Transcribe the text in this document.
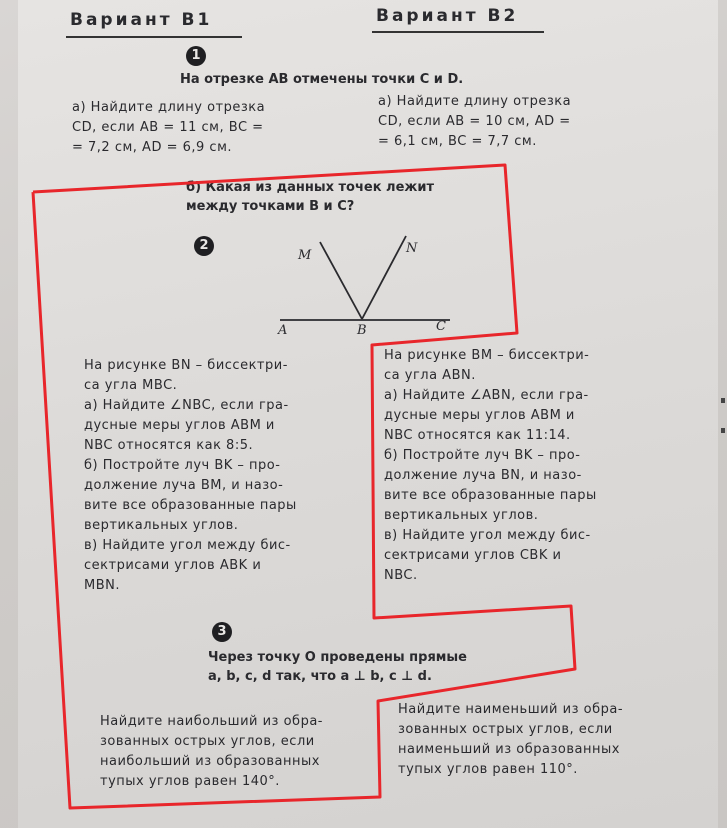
Вариант В1	Вариант В2
1
На отрезке AB отмечены точки C и D.
а) Найдите длину отрезка
CD, если AB = 11 см, BC =
= 7,2 см, AD = 6,9 см.
а) Найдите длину отрезка
CD, если AB = 10 см, AD =
= 6,1 см, BC = 7,7 см.
б) Какая из данных точек лежит
между точками B и C?
2
M	N
A	B	C
На рисунке BN – биссектри-
са угла MBC.
а) Найдите ∠NBC, если гра-
дусные меры углов ABM и
NBC относятся как 8:5.
б) Постройте луч BK – про-
должение луча BM, и назо-
вите все образованные пары
вертикальных углов.
в) Найдите угол между бис-
сектрисами углов ABK и
MBN.
На рисунке BM – биссектри-
са угла ABN.
а) Найдите ∠ABN, если гра-
дусные меры углов ABM и
NBC относятся как 11:14.
б) Постройте луч BK – про-
должение луча BN, и назо-
вите все образованные пары
вертикальных углов.
в) Найдите угол между бис-
сектрисами углов CBK и
NBC.
3
Через точку O проведены прямые
a, b, c, d так, что a ⊥ b, c ⊥ d.
Найдите наибольший из обра-
зованных острых углов, если
наибольший из образованных
тупых углов равен 140°.
Найдите наименьший из обра-
зованных острых углов, если
наименьший из образованных
тупых углов равен 110°.
